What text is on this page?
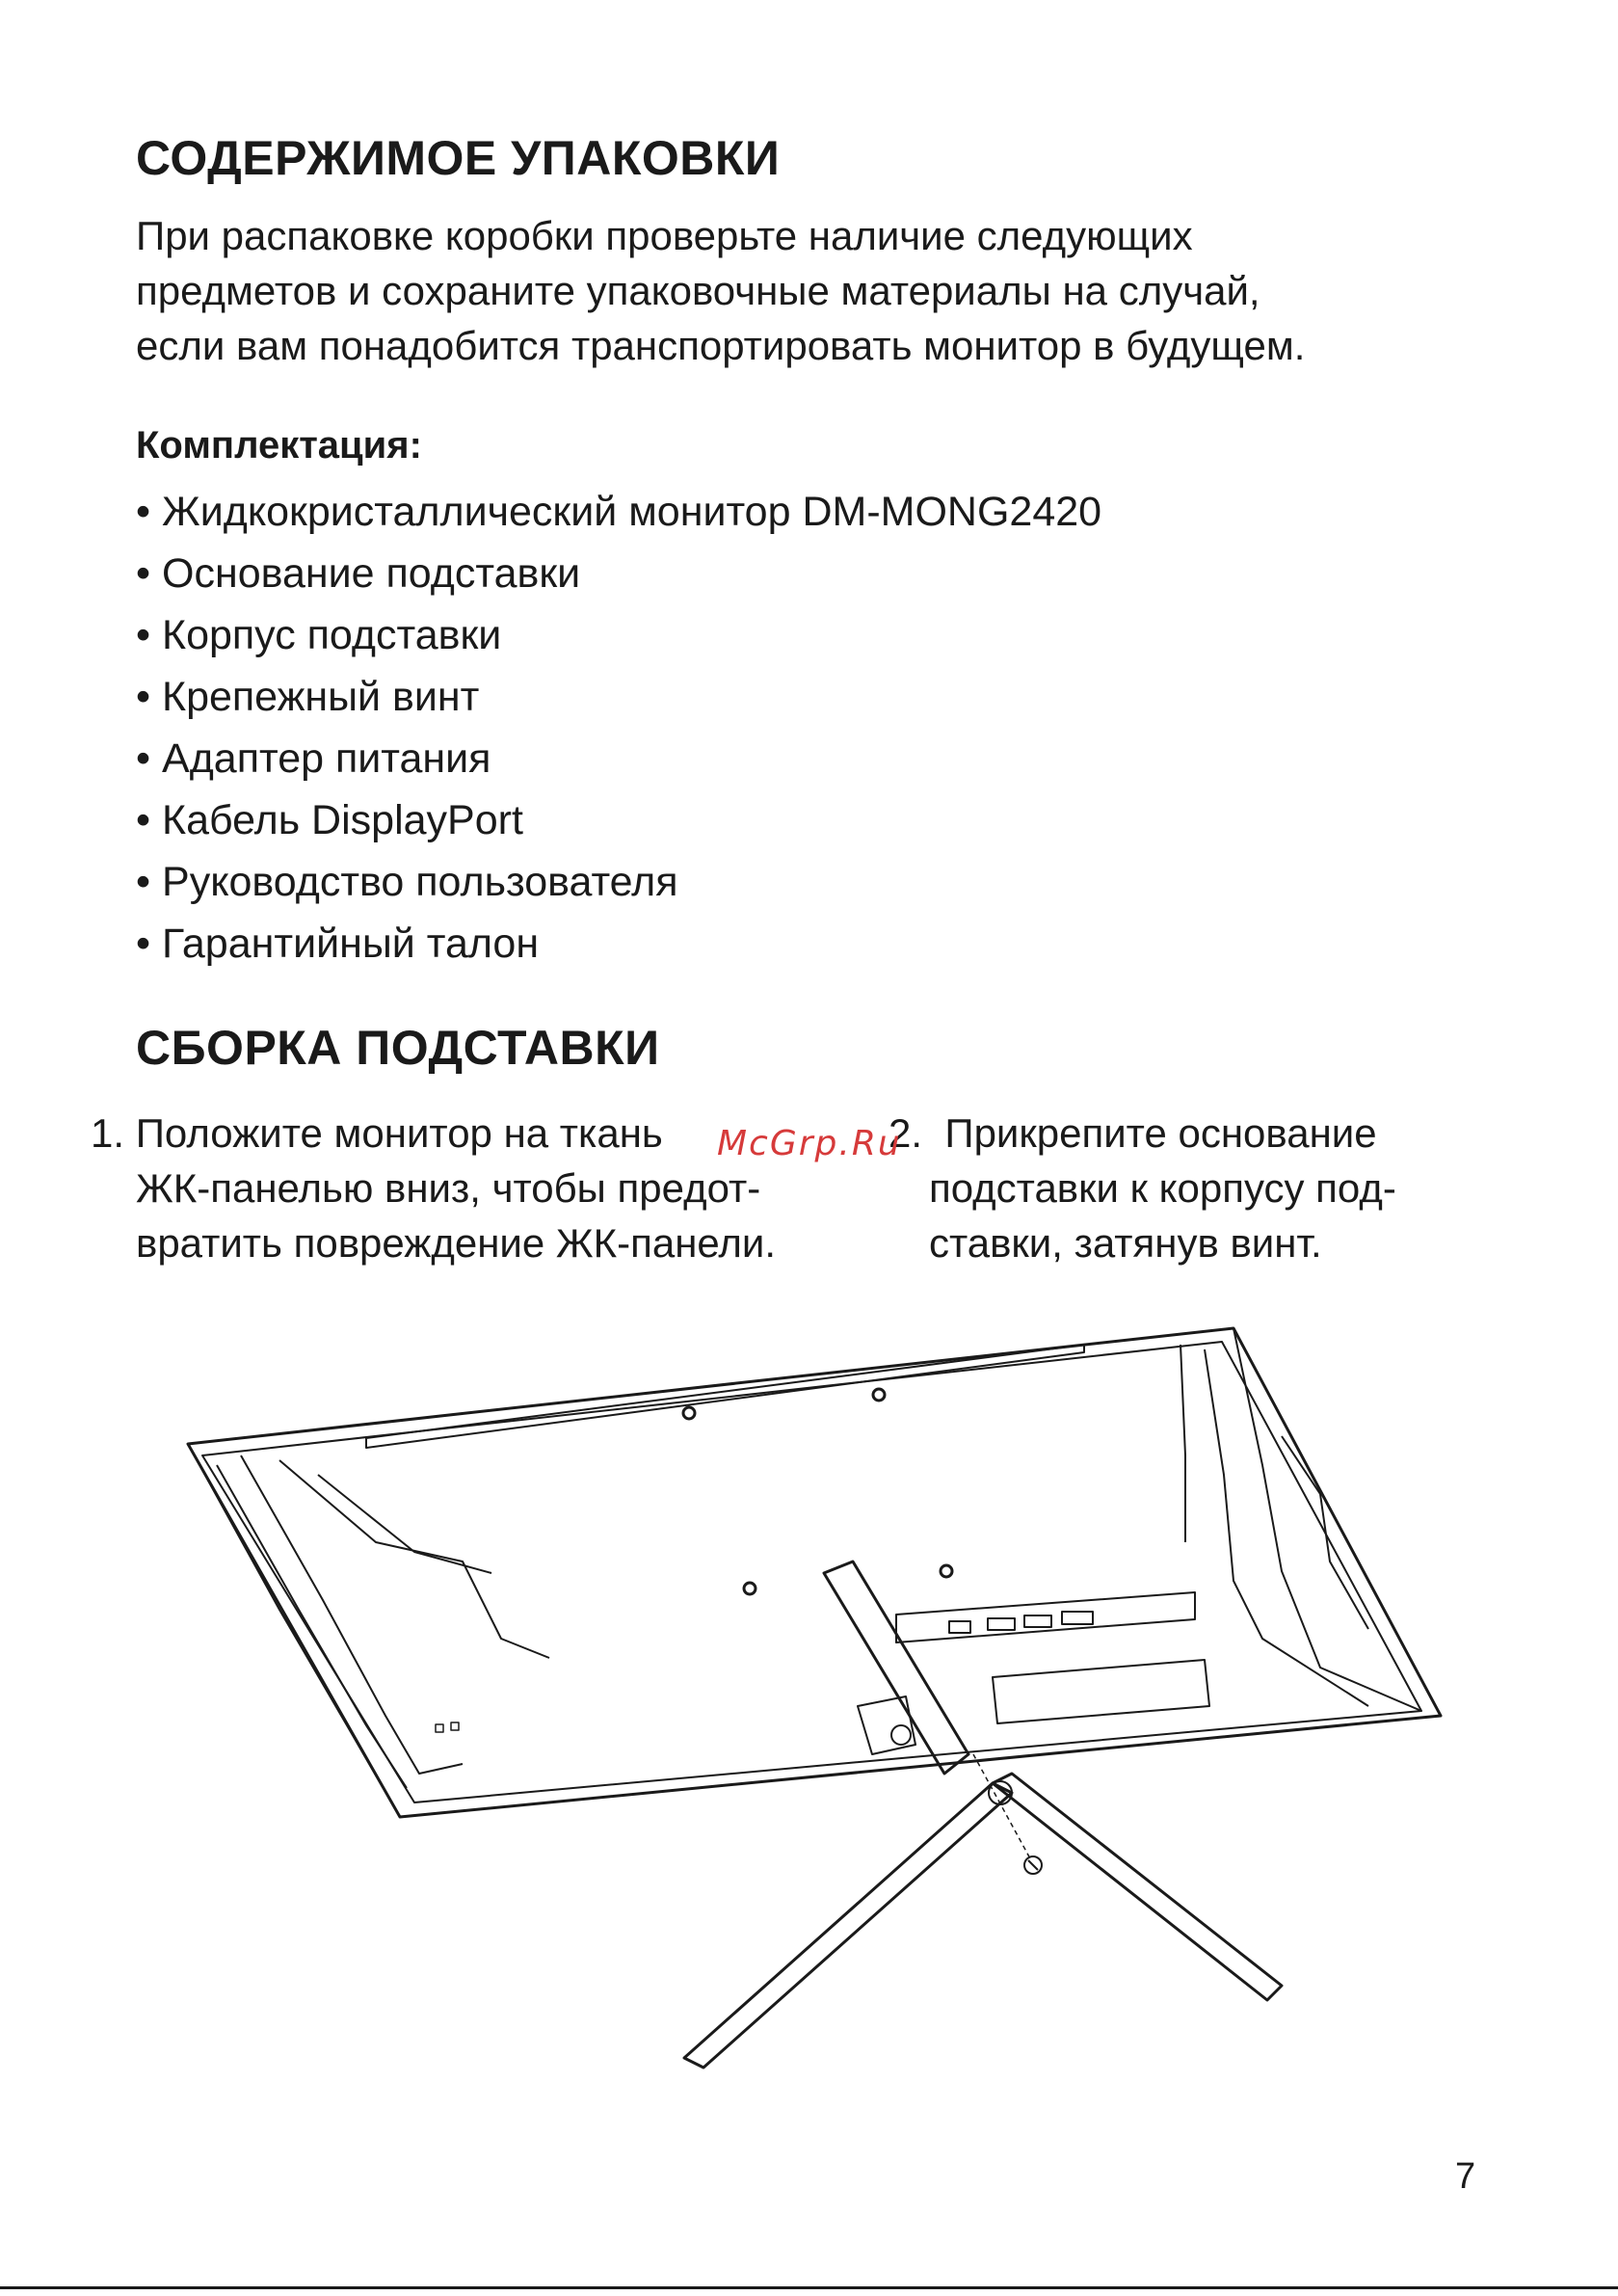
СОДЕРЖИМОЕ УПАКОВКИ
При распаковке коробки проверьте наличие следующих
предметов и сохраните упаковочные материалы на случай,
если вам понадобится транспортировать монитор в будущем.
Комплектация:
• Жидкокристаллический монитор DM-MONG2420
• Основание подставки
• Корпус подставки
• Крепежный винт
• Адаптер питания
• Кабель DisplayPort
• Руководство пользователя
• Гарантийный талон
СБОРКА ПОДСТАВКИ
1. Положите монитор на ткань
ЖК-панелью вниз, чтобы предот-
вратить повреждение ЖК-панели.
2. Прикрепите основание
подставки к корпусу под-
ставки, затянув винт.
McGrp.Ru
7
